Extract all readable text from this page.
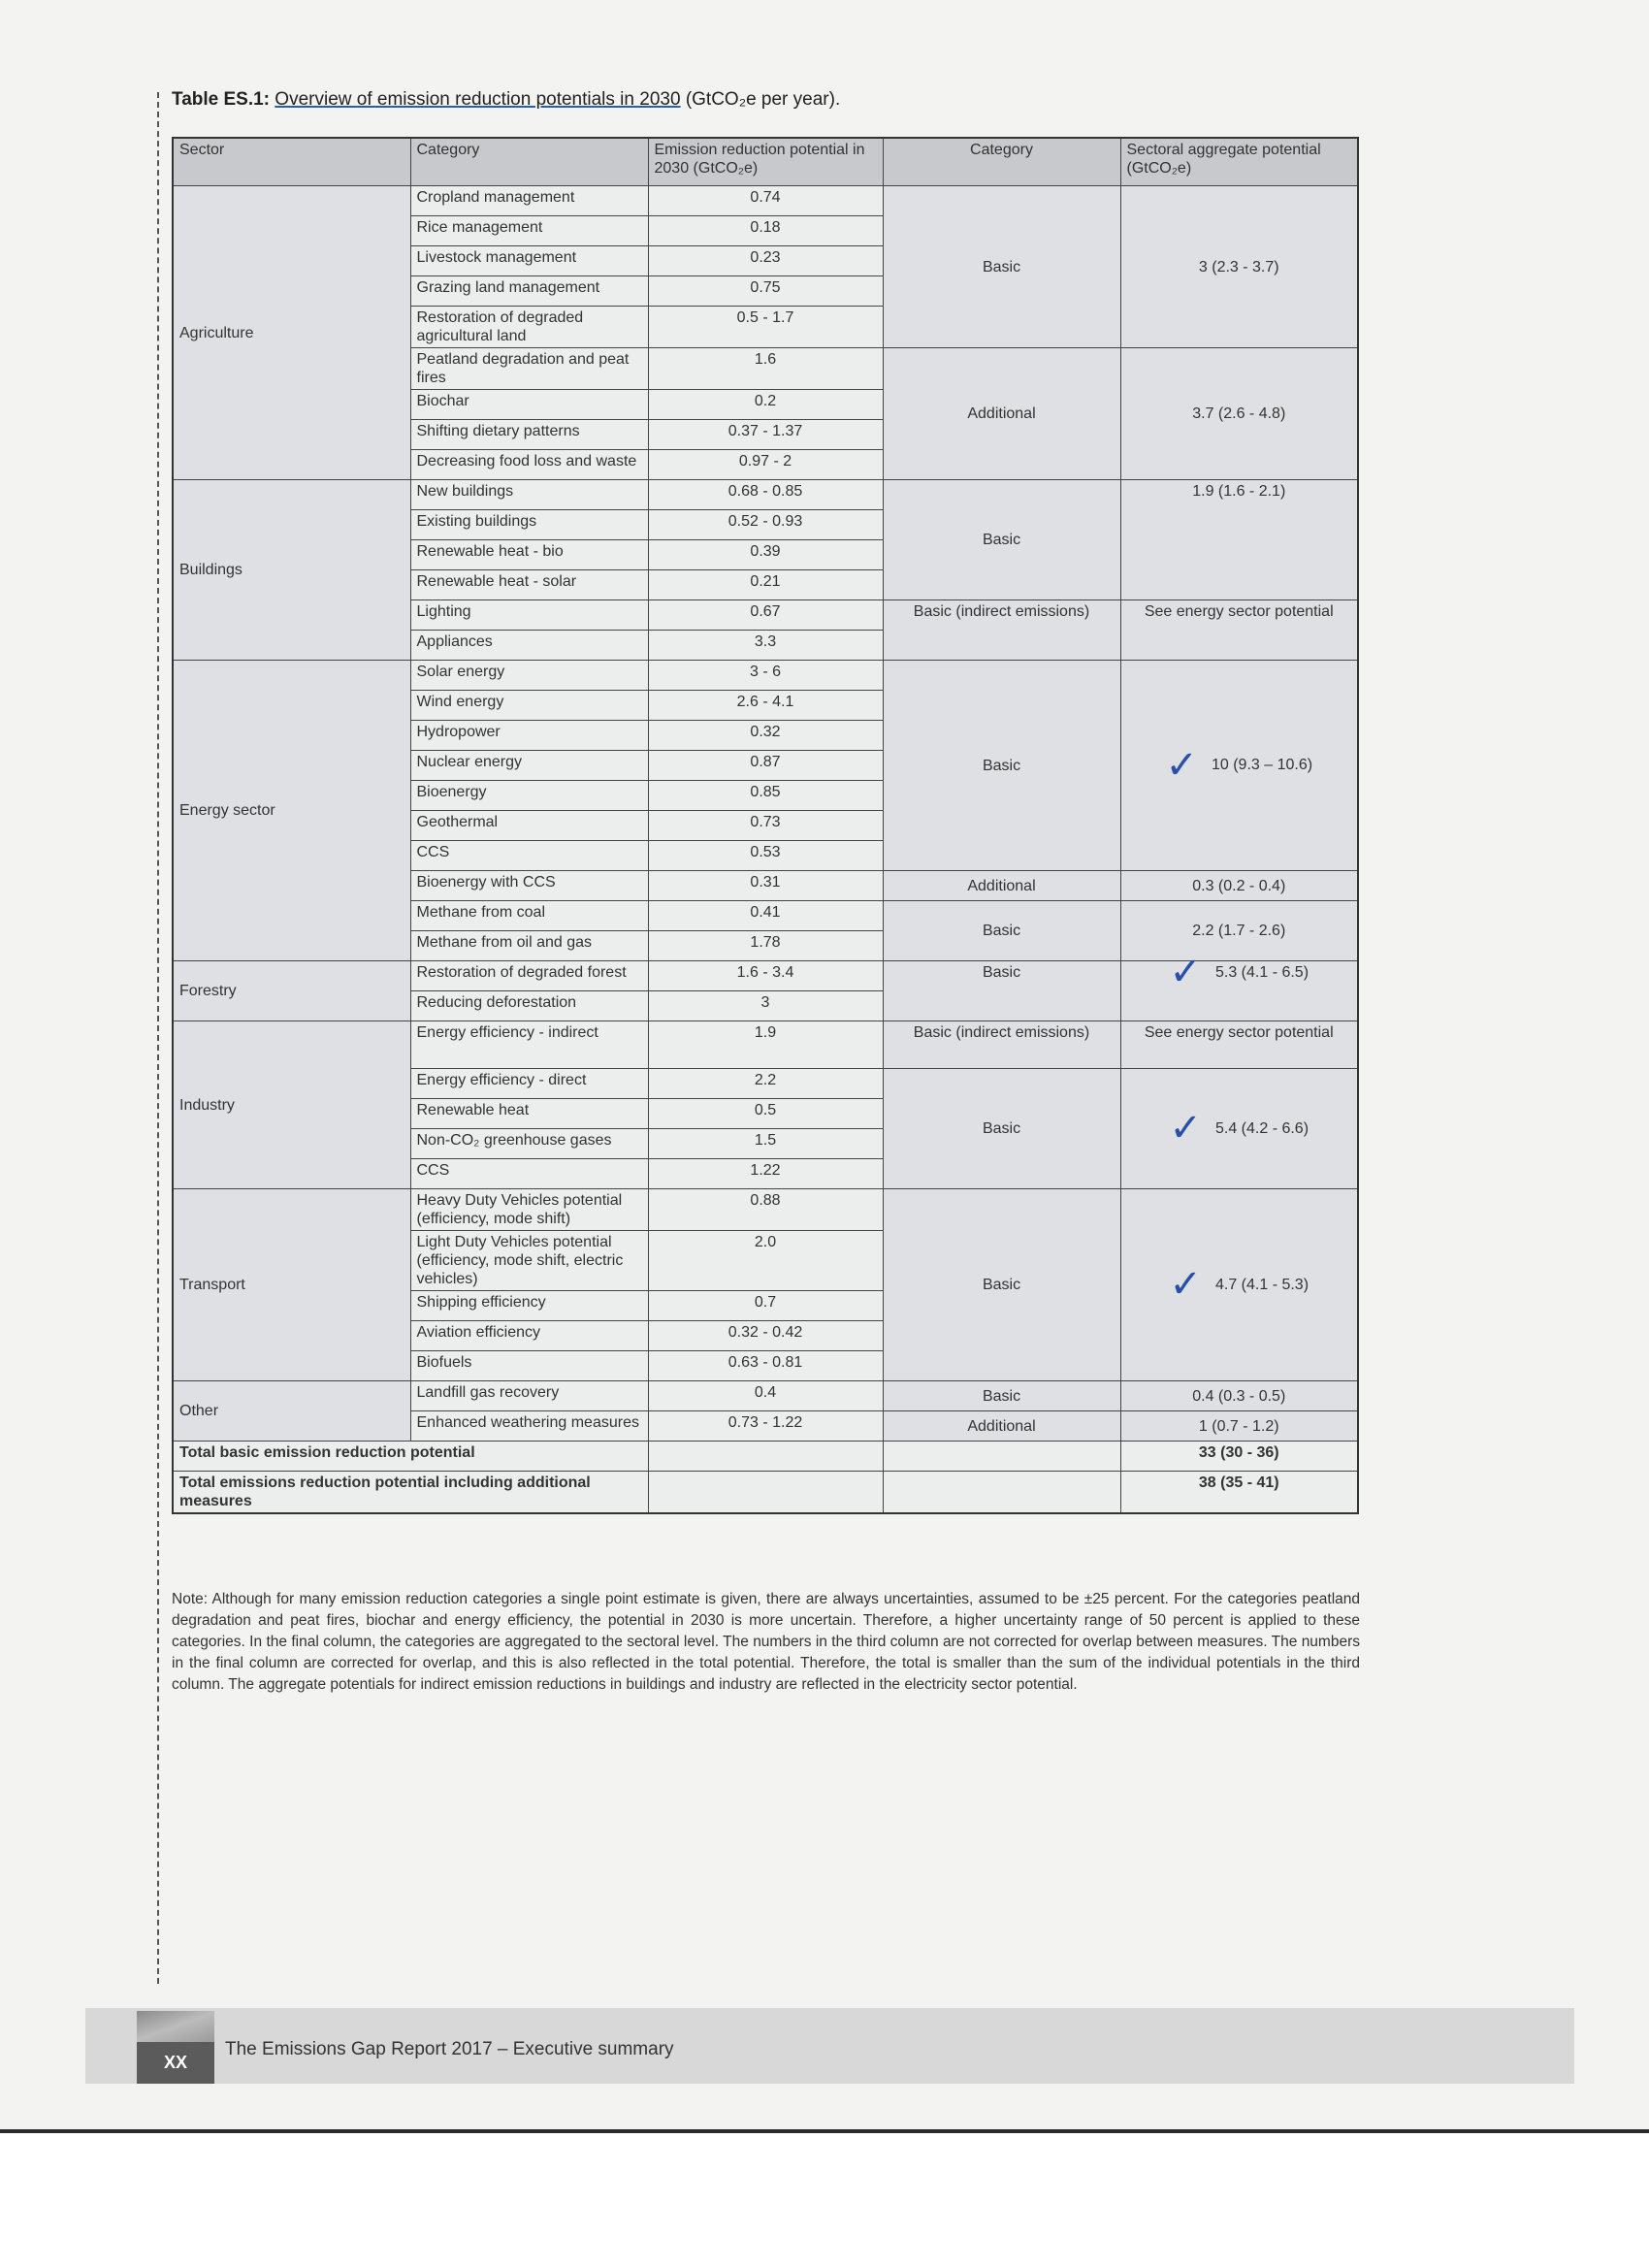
Table ES.1: Overview of emission reduction potentials in 2030 (GtCO₂e per year).
Sector	Category	Emission reduction potential in 2030 (GtCO₂e)	Category	Sectoral aggregate potential (GtCO₂e)
Agriculture	Cropland management	0.74	Basic	3 (2.3 - 3.7)
	Rice management	0.18		
	Livestock management	0.23		
	Grazing land management	0.75		
	Restoration of degraded agricultural land	0.5 - 1.7		
	Peatland degradation and peat fires	1.6	Additional	3.7 (2.6 - 4.8)
	Biochar	0.2		
	Shifting dietary patterns	0.37 - 1.37		
	Decreasing food loss and waste	0.97 - 2		
Buildings	New buildings	0.68 - 0.85	Basic	1.9 (1.6 - 2.1)
	Existing buildings	0.52 - 0.93		
	Renewable heat - bio	0.39		
	Renewable heat - solar	0.21		
	Lighting	0.67	Basic (indirect emissions)	See energy sector potential
	Appliances	3.3		
Energy sector	Solar energy	3 - 6	Basic	✓ 10 (9.3 – 10.6)
	Wind energy	2.6 - 4.1		
	Hydropower	0.32		
	Nuclear energy	0.87		
	Bioenergy	0.85		
	Geothermal	0.73		
	CCS	0.53		
	Bioenergy with CCS	0.31	Additional	0.3 (0.2 - 0.4)
	Methane from coal	0.41	Basic	2.2 (1.7 - 2.6)
	Methane from oil and gas	1.78		
Forestry	Restoration of degraded forest	1.6 - 3.4	Basic	✓ 5.3 (4.1 - 6.5)
	Reducing deforestation	3		
Industry	Energy efficiency - indirect	1.9	Basic (indirect emissions)	See energy sector potential
	Energy efficiency - direct	2.2	Basic	✓ 5.4 (4.2 - 6.6)
	Renewable heat	0.5		
	Non-CO₂ greenhouse gases	1.5		
	CCS	1.22		
Transport	Heavy Duty Vehicles potential (efficiency, mode shift)	0.88	Basic	✓ 4.7 (4.1 - 5.3)
	Light Duty Vehicles potential (efficiency, mode shift, electric vehicles)	2.0		
	Shipping efficiency	0.7		
	Aviation efficiency	0.32 - 0.42		
	Biofuels	0.63 - 0.81		
Other	Landfill gas recovery	0.4	Basic	0.4 (0.3 - 0.5)
	Enhanced weathering measures	0.73 - 1.22	Additional	1 (0.7 - 1.2)
Total basic emission reduction potential				33 (30 - 36)
Total emissions reduction potential including additional measures				38 (35 - 41)
Note: Although for many emission reduction categories a single point estimate is given, there are always uncertainties, assumed to be ±25 percent. For the categories peatland degradation and peat fires, biochar and energy efficiency, the potential in 2030 is more uncertain. Therefore, a higher uncertainty range of 50 percent is applied to these categories. In the final column, the categories are aggregated to the sectoral level. The numbers in the third column are not corrected for overlap between measures. The numbers in the final column are corrected for overlap, and this is also reflected in the total potential. Therefore, the total is smaller than the sum of the individual potentials in the third column. The aggregate potentials for indirect emission reductions in buildings and industry are reflected in the electricity sector potential.
XX
The Emissions Gap Report 2017 – Executive summary
